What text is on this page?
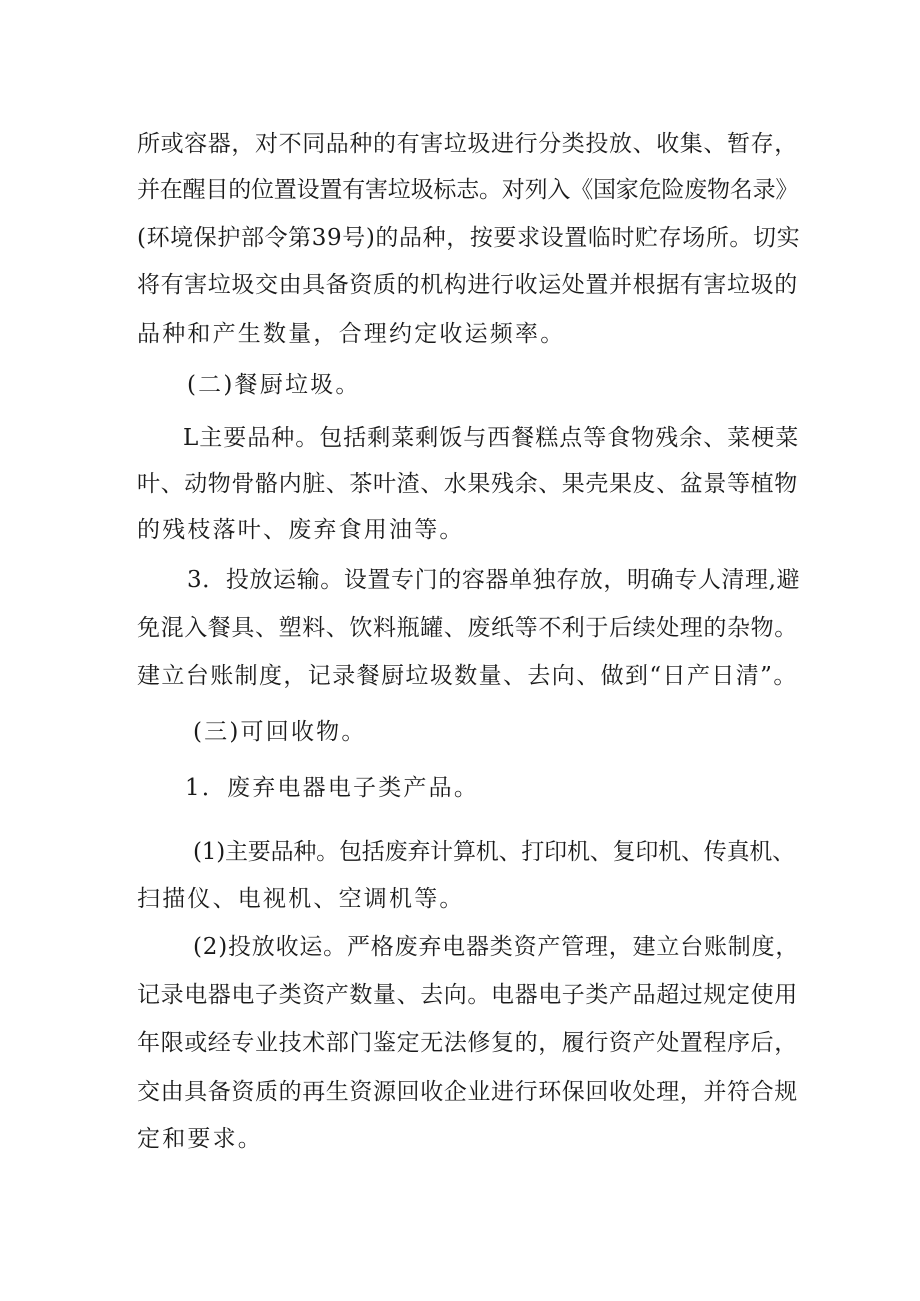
所或容器，对不同品种的有害垃圾进行分类投放、收集、暂存，
并在醒目的位置设置有害垃圾标志。对列入《国家危险废物名录》
(环境保护部令第39号)的品种，按要求设置临时贮存场所。切实
将有害垃圾交由具备资质的机构进行收运处置并根据有害垃圾的
品种和产生数量，合理约定收运频率。
(二)餐厨垃圾。
L主要品种。包括剩菜剩饭与西餐糕点等食物残余、菜梗菜
叶、动物骨骼内脏、茶叶渣、水果残余、果壳果皮、盆景等植物
的残枝落叶、废弃食用油等。
3．投放运输。设置专门的容器单独存放，明确专人清理,避
免混入餐具、塑料、饮料瓶罐、废纸等不利于后续处理的杂物。
建立台账制度，记录餐厨垃圾数量、去向、做到“日产日清”。
(三)可回收物。
1．废弃电器电子类产品。
(1)主要品种。包括废弃计算机、打印机、复印机、传真机、
扫描仪、电视机、空调机等。
(2)投放收运。严格废弃电器类资产管理，建立台账制度，
记录电器电子类资产数量、去向。电器电子类产品超过规定使用
年限或经专业技术部门鉴定无法修复的，履行资产处置程序后，
交由具备资质的再生资源回收企业进行环保回收处理，并符合规
定和要求。
